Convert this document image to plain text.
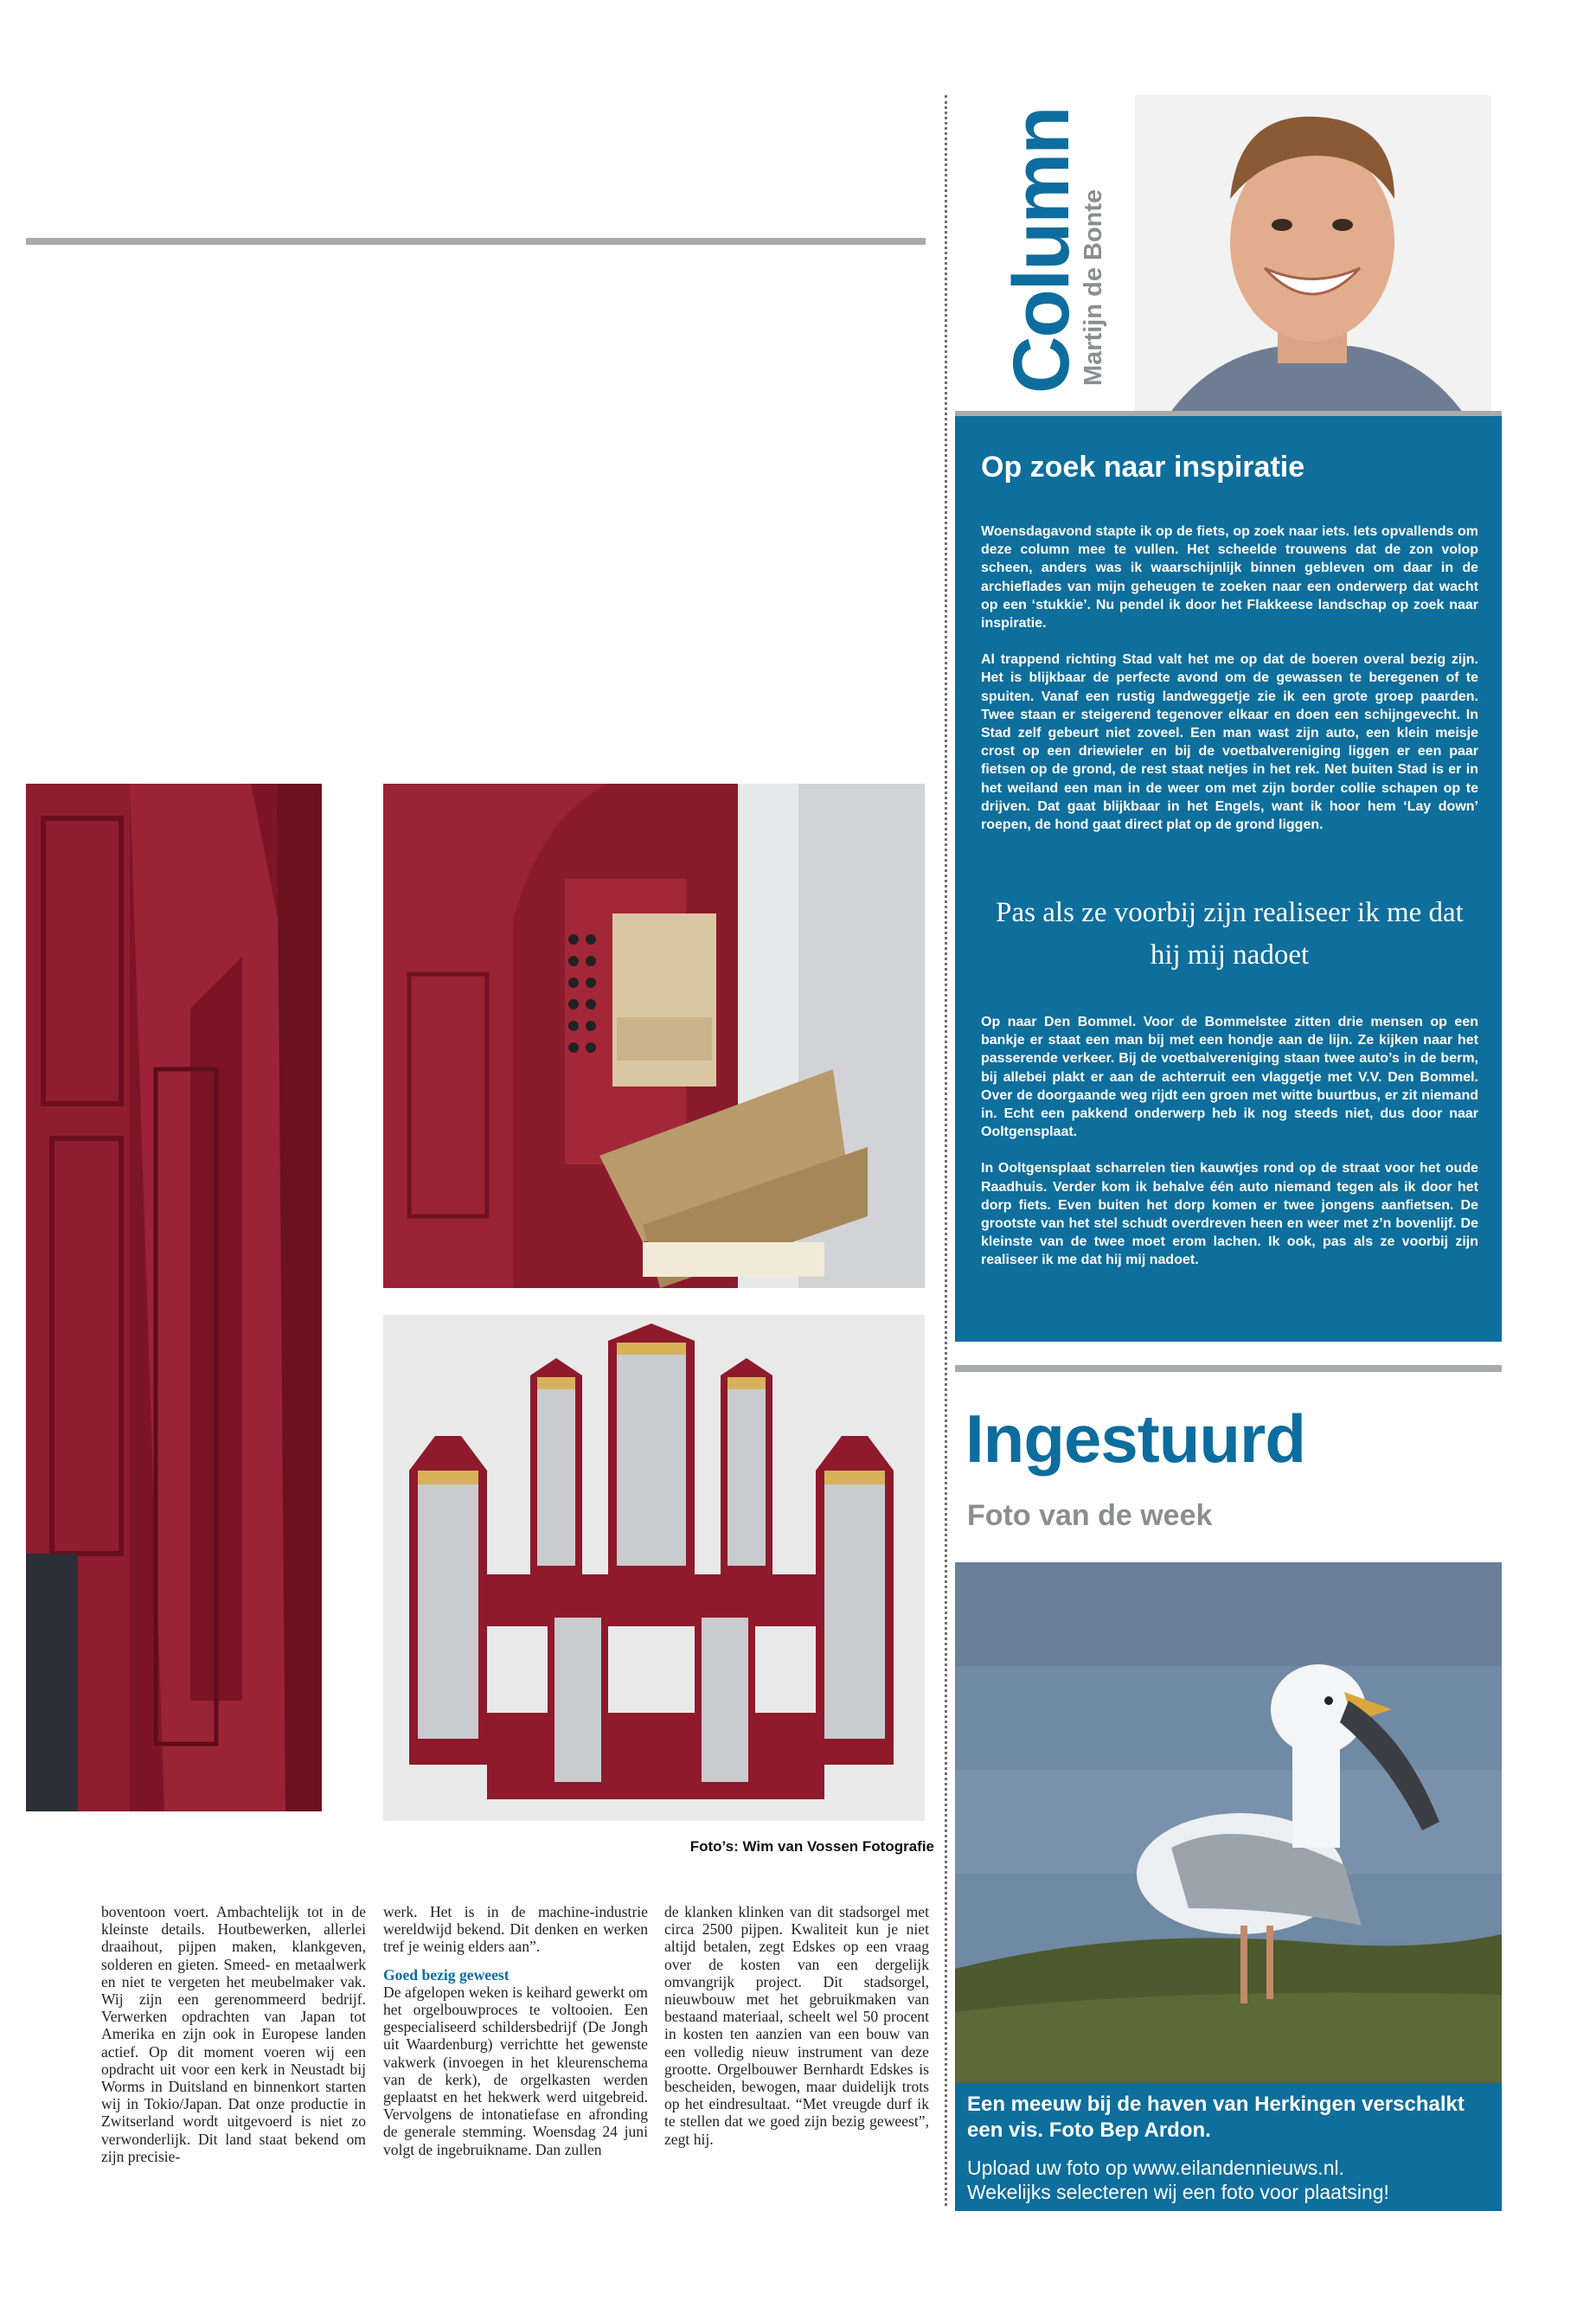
Foto’s: Wim van Vossen Fotografie

boventoon voert. Ambachtelijk tot in de kleinste details. Houtbewerken, allerlei draaihout, pijpen maken, klankgeven, solderen en gieten. Smeed- en metaalwerk en niet te vergeten het meubelmaker vak. Wij zijn een gerenommeerd bedrijf. Verwerken opdrachten van Japan tot Amerika en zijn ook in Europese landen actief. Op dit moment voeren wij een opdracht uit voor een kerk in Neustadt bij Worms in Duitsland en binnenkort starten wij in Tokio/Japan. Dat onze productie in Zwitserland wordt uitgevoerd is niet zo verwonderlijk. Dit land staat bekend om zijn precisie-

werk. Het is in de machine-industrie wereldwijd bekend. Dit denken en werken tref je weinig elders aan”.

Goed bezig geweest

De afgelopen weken is keihard gewerkt om het orgelbouwproces te voltooien. Een gespecialiseerd schildersbedrijf (De Jongh uit Waardenburg) verrichtte het gewenste vakwerk (invoegen in het kleurenschema van de kerk), de orgelkasten werden geplaatst en het hekwerk werd uitgebreid. Vervolgens de intonatiefase en afronding de generale stemming. Woensdag 24 juni volgt de ingebruikname. Dan zullen

de klanken klinken van dit stadsorgel met circa 2500 pijpen. Kwaliteit kun je niet altijd betalen, zegt Edskes op een vraag over de kosten van een dergelijk omvangrijk project. Dit stadsorgel, nieuwbouw met het gebruikmaken van bestaand materiaal, scheelt wel 50 procent in kosten ten aanzien van een bouw van een volledig nieuw instrument van deze grootte. Orgelbouwer Bernhardt Edskes is bescheiden, bewogen, maar duidelijk trots op het eindresultaat. “Met vreugde durf ik te stellen dat we goed zijn bezig geweest”, zegt hij.

Column
Martijn de Bonte
Op zoek naar inspiratie

Woensdagavond stapte ik op de fiets, op zoek naar iets. Iets opvallends om deze column mee te vullen. Het scheelde trouwens dat de zon volop scheen, anders was ik waarschijnlijk binnen gebleven om daar in de archieflades van mijn geheugen te zoeken naar een onderwerp dat wacht op een ‘stukkie’. Nu pendel ik door het Flakkeese landschap op zoek naar inspiratie.

Al trappend richting Stad valt het me op dat de boeren overal bezig zijn. Het is blijkbaar de perfecte avond om de gewassen te beregenen of te spuiten. Vanaf een rustig landweggetje zie ik een grote groep paarden. Twee staan er steigerend tegenover elkaar en doen een schijngevecht. In Stad zelf gebeurt niet zoveel. Een man wast zijn auto, een klein meisje crost op een driewieler en bij de voetbalvereniging liggen er een paar fietsen op de grond, de rest staat netjes in het rek. Net buiten Stad is er in het weiland een man in de weer om met zijn border collie schapen op te drijven. Dat gaat blijkbaar in het Engels, want ik hoor hem ‘Lay down’ roepen, de hond gaat direct plat op de grond liggen.

Pas als ze voorbij zijn realiseer ik me dat hij mij nadoet

Op naar Den Bommel. Voor de Bommelstee zitten drie mensen op een bankje er staat een man bij met een hondje aan de lijn. Ze kijken naar het passerende verkeer. Bij de voetbalvereniging staan twee auto’s in de berm, bij allebei plakt er aan de achterruit een vlaggetje met V.V. Den Bommel. Over de doorgaande weg rijdt een groen met witte buurtbus, er zit niemand in. Echt een pakkend onderwerp heb ik nog steeds niet, dus door naar Ooltgensplaat.

In Ooltgensplaat scharrelen tien kauwtjes rond op de straat voor het oude Raadhuis. Verder kom ik behalve één auto niemand tegen als ik door het dorp fiets. Even buiten het dorp komen er twee jongens aanfietsen. De grootste van het stel schudt overdreven heen en weer met z’n bovenlijf. De kleinste van de twee moet erom lachen. Ik ook, pas als ze voorbij zijn realiseer ik me dat hij mij nadoet.

Ingestuurd
Foto van de week
Een meeuw bij de haven van Herkingen verschalkt een vis. Foto Bep Ardon.
Upload uw foto op www.eilandennieuws.nl.
Wekelijks selecteren wij een foto voor plaatsing!
